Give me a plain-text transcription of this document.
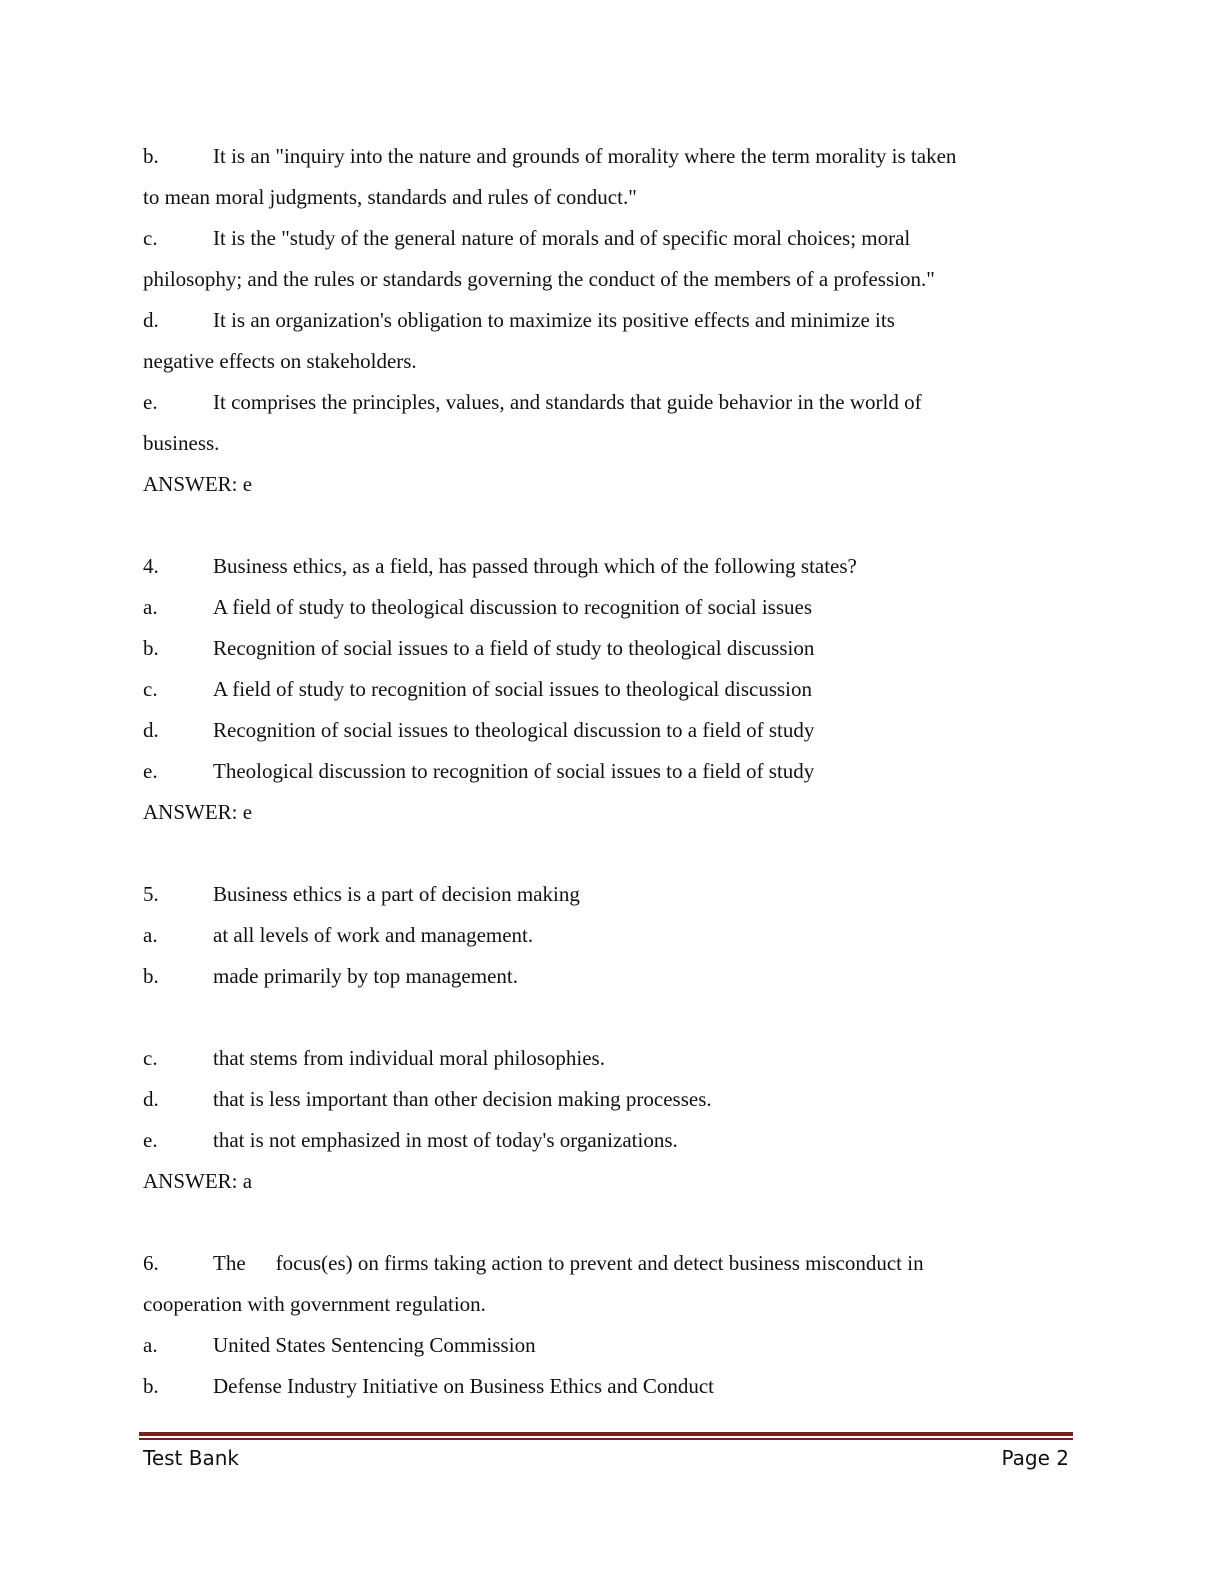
b.	It is an "inquiry into the nature and grounds of morality where the term morality is taken
to mean moral judgments, standards and rules of conduct."
c.	It is the "study of the general nature of morals and of specific moral choices; moral
philosophy; and the rules or standards governing the conduct of the members of a profession."
d.	It is an organization's obligation to maximize its positive effects and minimize its
negative effects on stakeholders.
e.	It comprises the principles, values, and standards that guide behavior in the world of
business.
ANSWER: e
4.	Business ethics, as a field, has passed through which of the following states?
a.	A field of study to theological discussion to recognition of social issues
b.	Recognition of social issues to a field of study to theological discussion
c.	A field of study to recognition of social issues to theological discussion
d.	Recognition of social issues to theological discussion to a field of study
e.	Theological discussion to recognition of social issues to a field of study
ANSWER: e
5.	Business ethics is a part of decision making
a.	at all levels of work and management.
b.	made primarily by top management.
c.	that stems from individual moral philosophies.
d.	that is less important than other decision making processes.
e.	that is not emphasized in most of today's organizations.
ANSWER: a
6.	The focus(es) on firms taking action to prevent and detect business misconduct in
cooperation with government regulation.
a.	United States Sentencing Commission
b.	Defense Industry Initiative on Business Ethics and Conduct
Test Bank	Page 2
